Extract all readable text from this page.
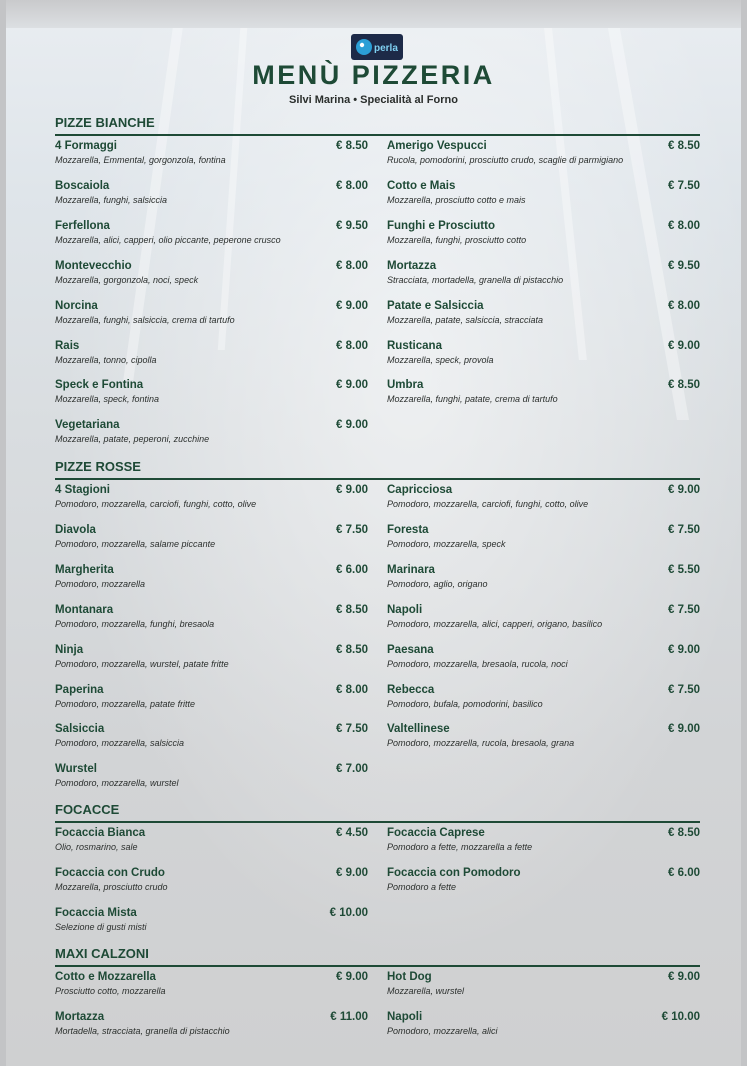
perla
MENÙ PIZZERIA
Silvi Marina • Specialità al Forno
PIZZE BIANCHE
4 Formaggi	€ 8.50
Mozzarella, Emmental, gorgonzola, fontina
Boscaiola	€ 8.00
Mozzarella, funghi, salsiccia
Ferfellona	€ 9.50
Mozzarella, alici, capperi, olio piccante, peperone crusco
Montevecchio	€ 8.00
Mozzarella, gorgonzola, noci, speck
Norcina	€ 9.00
Mozzarella, funghi, salsiccia, crema di tartufo
Rais	€ 8.00
Mozzarella, tonno, cipolla
Speck e Fontina	€ 9.00
Mozzarella, speck, fontina
Vegetariana	€ 9.00
Mozzarella, patate, peperoni, zucchine
Amerigo Vespucci	€ 8.50
Rucola, pomodorini, prosciutto crudo, scaglie di parmigiano
Cotto e Mais	€ 7.50
Mozzarella, prosciutto cotto e mais
Funghi e Prosciutto	€ 8.00
Mozzarella, funghi, prosciutto cotto
Mortazza	€ 9.50
Stracciata, mortadella, granella di pistacchio
Patate e Salsiccia	€ 8.00
Mozzarella, patate, salsiccia, stracciata
Rusticana	€ 9.00
Mozzarella, speck, provola
Umbra	€ 8.50
Mozzarella, funghi, patate, crema di tartufo
PIZZE ROSSE
4 Stagioni	€ 9.00
Pomodoro, mozzarella, carciofi, funghi, cotto, olive
Diavola	€ 7.50
Pomodoro, mozzarella, salame piccante
Margherita	€ 6.00
Pomodoro, mozzarella
Montanara	€ 8.50
Pomodoro, mozzarella, funghi, bresaola
Ninja	€ 8.50
Pomodoro, mozzarella, wurstel, patate fritte
Paperina	€ 8.00
Pomodoro, mozzarella, patate fritte
Salsiccia	€ 7.50
Pomodoro, mozzarella, salsiccia
Wurstel	€ 7.00
Pomodoro, mozzarella, wurstel
Capricciosa	€ 9.00
Pomodoro, mozzarella, carciofi, funghi, cotto, olive
Foresta	€ 7.50
Pomodoro, mozzarella, speck
Marinara	€ 5.50
Pomodoro, aglio, origano
Napoli	€ 7.50
Pomodoro, mozzarella, alici, capperi, origano, basilico
Paesana	€ 9.00
Pomodoro, mozzarella, bresaola, rucola, noci
Rebecca	€ 7.50
Pomodoro, bufala, pomodorini, basilico
Valtellinese	€ 9.00
Pomodoro, mozzarella, rucola, bresaola, grana
FOCACCE
Focaccia Bianca	€ 4.50
Olio, rosmarino, sale
Focaccia con Crudo	€ 9.00
Mozzarella, prosciutto crudo
Focaccia Mista	€ 10.00
Selezione di gusti misti
Focaccia Caprese	€ 8.50
Pomodoro a fette, mozzarella a fette
Focaccia con Pomodoro	€ 6.00
Pomodoro a fette
MAXI CALZONI
Cotto e Mozzarella	€ 9.00
Prosciutto cotto, mozzarella
Mortazza	€ 11.00
Mortadella, stracciata, granella di pistacchio
Hot Dog	€ 9.00
Mozzarella, wurstel
Napoli	€ 10.00
Pomodoro, mozzarella, alici
